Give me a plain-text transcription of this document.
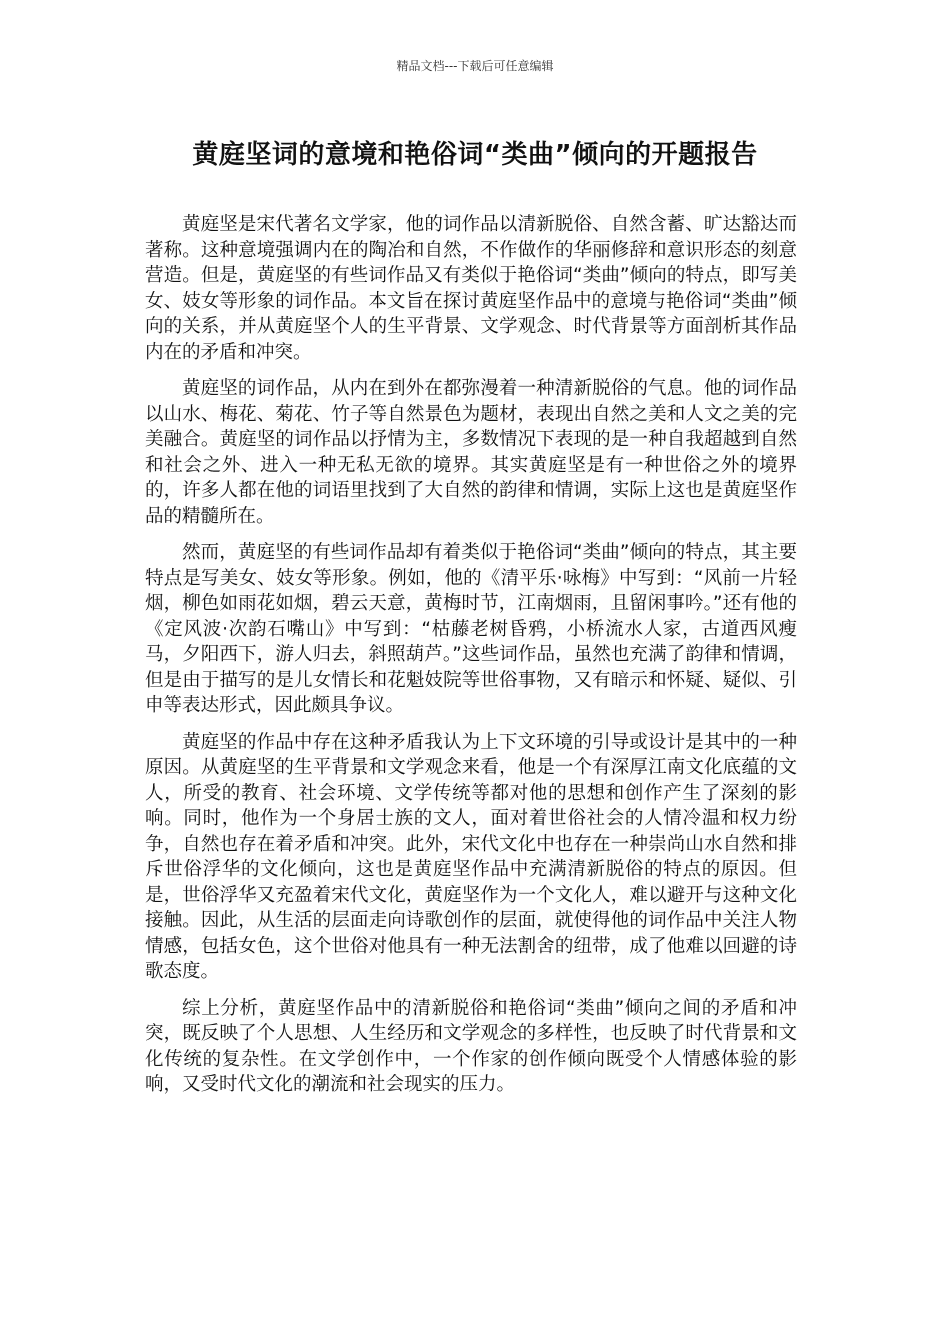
精品文档---下载后可任意编辑
黄庭坚词的意境和艳俗词“类曲”倾向的开题报告

黄庭坚是宋代著名文学家，他的词作品以清新脱俗、自然含蓄、旷达豁达而著称。这种意境强调内在的陶冶和自然，不作做作的华丽修辞和意识形态的刻意营造。但是，黄庭坚的有些词作品又有类似于艳俗词“类曲”倾向的特点，即写美女、妓女等形象的词作品。本文旨在探讨黄庭坚作品中的意境与艳俗词“类曲”倾向的关系，并从黄庭坚个人的生平背景、文学观念、时代背景等方面剖析其作品内在的矛盾和冲突。

黄庭坚的词作品，从内在到外在都弥漫着一种清新脱俗的气息。他的词作品以山水、梅花、菊花、竹子等自然景色为题材，表现出自然之美和人文之美的完美融合。黄庭坚的词作品以抒情为主，多数情况下表现的是一种自我超越到自然和社会之外、进入一种无私无欲的境界。其实黄庭坚是有一种世俗之外的境界的，许多人都在他的词语里找到了大自然的韵律和情调，实际上这也是黄庭坚作品的精髓所在。

然而，黄庭坚的有些词作品却有着类似于艳俗词“类曲”倾向的特点，其主要特点是写美女、妓女等形象。例如，他的《清平乐·咏梅》中写到：“风前一片轻烟，柳色如雨花如烟，碧云天意，黄梅时节，江南烟雨，且留闲事吟。”还有他的《定风波·次韵石嘴山》中写到：“枯藤老树昏鸦，小桥流水人家，古道西风瘦马，夕阳西下，游人归去，斜照葫芦。”这些词作品，虽然也充满了韵律和情调，但是由于描写的是儿女情长和花魁妓院等世俗事物，又有暗示和怀疑、疑似、引申等表达形式，因此颇具争议。

黄庭坚的作品中存在这种矛盾我认为上下文环境的引导或设计是其中的一种原因。从黄庭坚的生平背景和文学观念来看，他是一个有深厚江南文化底蕴的文人，所受的教育、社会环境、文学传统等都对他的思想和创作产生了深刻的影响。同时，他作为一个身居士族的文人，面对着世俗社会的人情冷温和权力纷争，自然也存在着矛盾和冲突。此外，宋代文化中也存在一种崇尚山水自然和排斥世俗浮华的文化倾向，这也是黄庭坚作品中充满清新脱俗的特点的原因。但是，世俗浮华又充盈着宋代文化，黄庭坚作为一个文化人，难以避开与这种文化接触。因此，从生活的层面走向诗歌创作的层面，就使得他的词作品中关注人物情感，包括女色，这个世俗对他具有一种无法割舍的纽带，成了他难以回避的诗歌态度。

综上分析，黄庭坚作品中的清新脱俗和艳俗词“类曲”倾向之间的矛盾和冲突，既反映了个人思想、人生经历和文学观念的多样性，也反映了时代背景和文化传统的复杂性。在文学创作中，一个作家的创作倾向既受个人情感体验的影响，又受时代文化的潮流和社会现实的压力。
